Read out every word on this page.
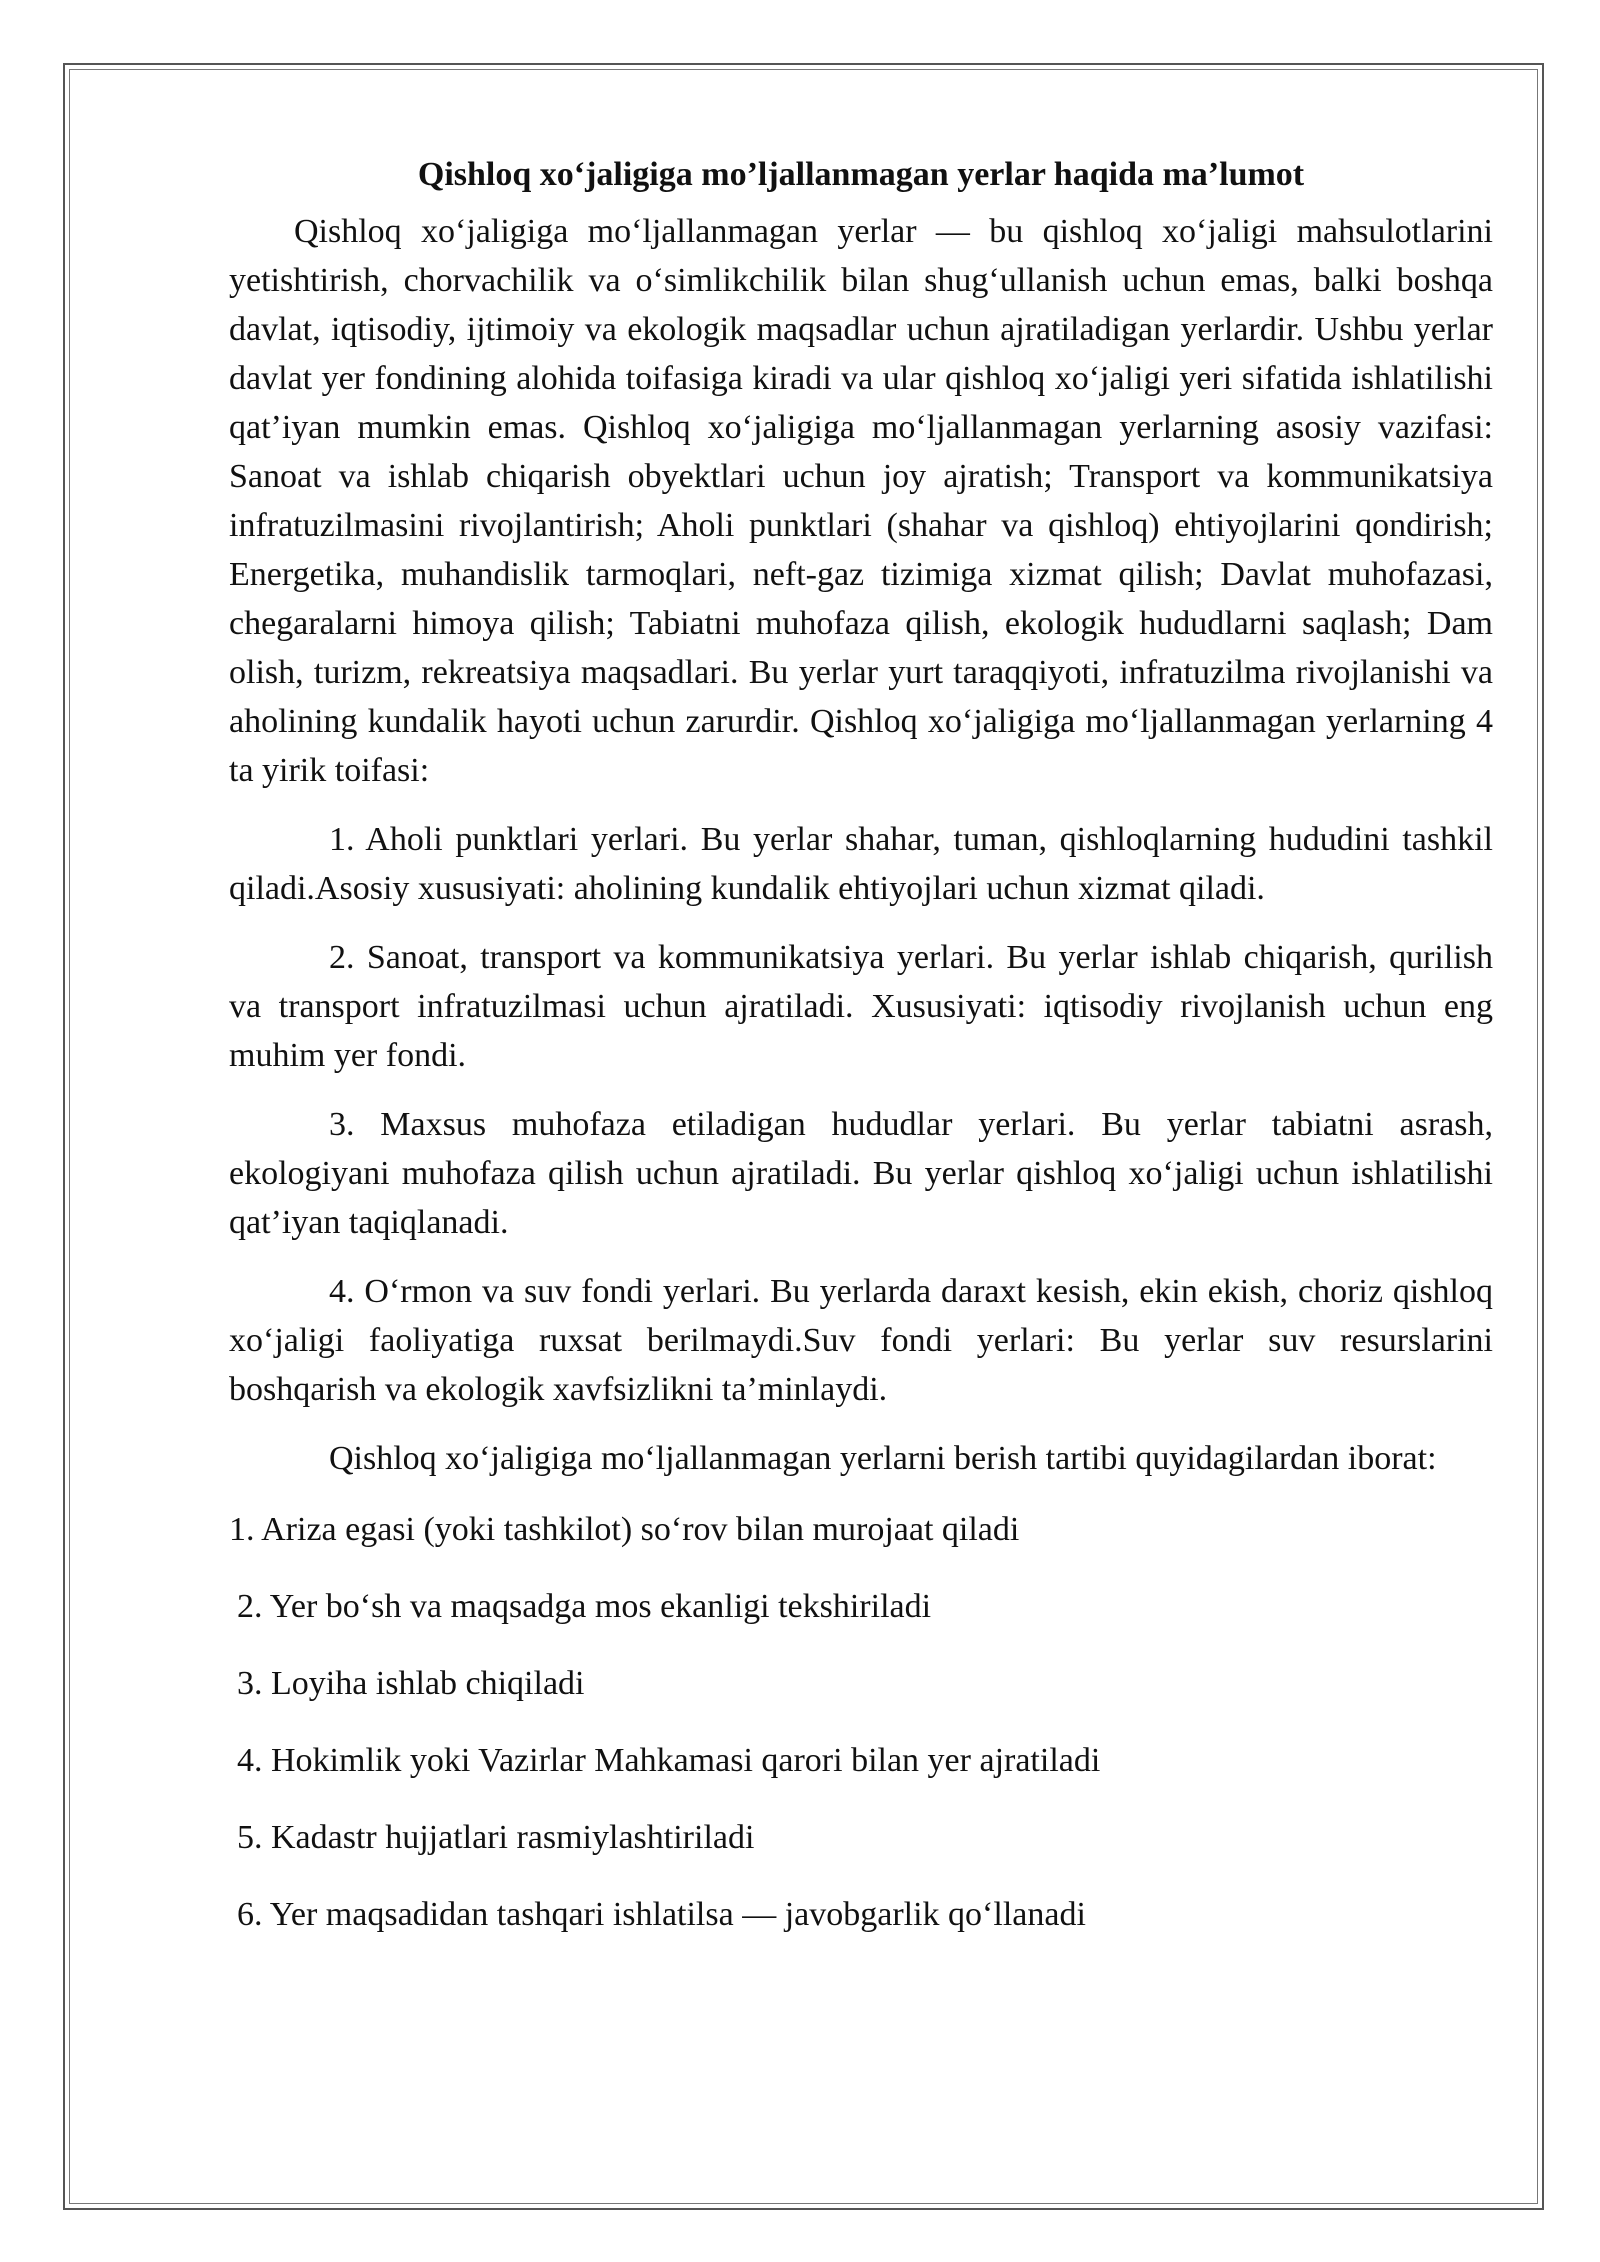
Qishloq xo‘jaligiga mo’ljallanmagan yerlar haqida ma’lumot

Qishloq xo‘jaligiga mo‘ljallanmagan yerlar — bu qishloq xo‘jaligi mahsulotlarini yetishtirish, chorvachilik va o‘simlikchilik bilan shug‘ullanish uchun emas, balki boshqa davlat, iqtisodiy, ijtimoiy va ekologik maqsadlar uchun ajratiladigan yerlardir. Ushbu yerlar davlat yer fondining alohida toifasiga kiradi va ular qishloq xo‘jaligi yeri sifatida ishlatilishi qat’iyan mumkin emas. Qishloq xo‘jaligiga mo‘ljallanmagan yerlarning asosiy vazifasi: Sanoat va ishlab chiqarish obyektlari uchun joy ajratish; Transport va kommunikatsiya infratuzilmasini rivojlantirish; Aholi punktlari (shahar va qishloq) ehtiyojlarini qondirish; Energetika, muhandislik tarmoqlari, neft-gaz tizimiga xizmat qilish; Davlat muhofazasi, chegaralarni himoya qilish; Tabiatni muhofaza qilish, ekologik hududlarni saqlash; Dam olish, turizm, rekreatsiya maqsadlari. Bu yerlar yurt taraqqiyoti, infratuzilma rivojlanishi va aholining kundalik hayoti uchun zarurdir. Qishloq xo‘jaligiga mo‘ljallanmagan yerlarning 4 ta yirik toifasi:

1. Aholi punktlari yerlari. Bu yerlar shahar, tuman, qishloqlarning hududini tashkil qiladi.Asosiy xususiyati: aholining kundalik ehtiyojlari uchun xizmat qiladi.

2. Sanoat, transport va kommunikatsiya yerlari. Bu yerlar ishlab chiqarish, qurilish va transport infratuzilmasi uchun ajratiladi. Xususiyati: iqtisodiy rivojlanish uchun eng muhim yer fondi.

3. Maxsus muhofaza etiladigan hududlar yerlari. Bu yerlar tabiatni asrash, ekologiyani muhofaza qilish uchun ajratiladi. Bu yerlar qishloq xo‘jaligi uchun ishlatilishi qat’iyan taqiqlanadi.

4. O‘rmon va suv fondi yerlari. Bu yerlarda daraxt kesish, ekin ekish, choriz qishloq xo‘jaligi faoliyatiga ruxsat berilmaydi.Suv fondi yerlari: Bu yerlar suv resurslarini boshqarish va ekologik xavfsizlikni ta’minlaydi.

Qishloq xo‘jaligiga mo‘ljallanmagan yerlarni berish tartibi quyidagilardan iborat:

1. Ariza egasi (yoki tashkilot) so‘rov bilan murojaat qiladi
2. Yer bo‘sh va maqsadga mos ekanligi tekshiriladi
3. Loyiha ishlab chiqiladi
4. Hokimlik yoki Vazirlar Mahkamasi qarori bilan yer ajratiladi
5. Kadastr hujjatlari rasmiylashtiriladi
6. Yer maqsadidan tashqari ishlatilsa — javobgarlik qo‘llanadi
